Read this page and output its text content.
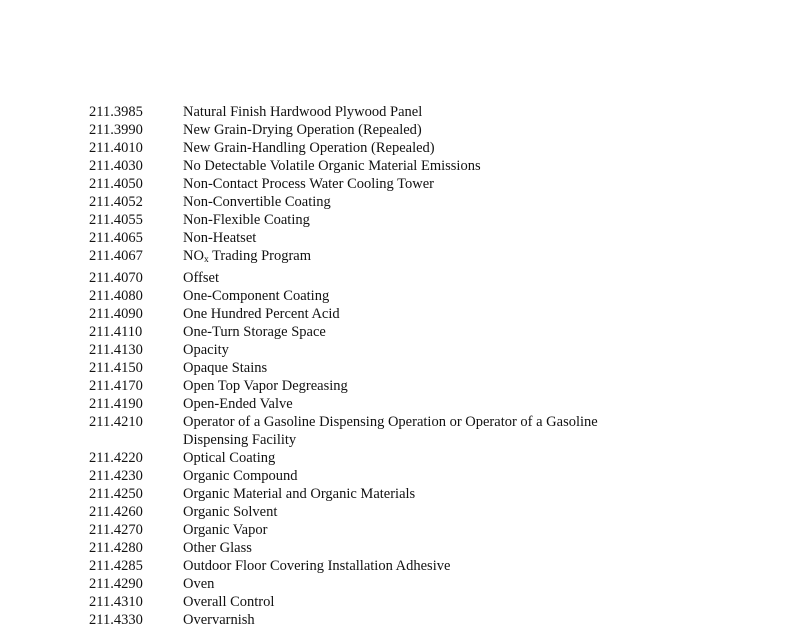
211.3985	Natural Finish Hardwood Plywood Panel
211.3990	New Grain-Drying Operation (Repealed)
211.4010	New Grain-Handling Operation (Repealed)
211.4030	No Detectable Volatile Organic Material Emissions
211.4050	Non-Contact Process Water Cooling Tower
211.4052	Non-Convertible Coating
211.4055	Non-Flexible Coating
211.4065	Non-Heatset
211.4067	$NO_x$ Trading Program
211.4070	Offset
211.4080	One-Component Coating
211.4090	One Hundred Percent Acid
211.4110	One-Turn Storage Space
211.4130	Opacity
211.4150	Opaque Stains
211.4170	Open Top Vapor Degreasing
211.4190	Open-Ended Valve
211.4210	Operator of a Gasoline Dispensing Operation or Operator of a Gasoline Dispensing Facility
211.4220	Optical Coating
211.4230	Organic Compound
211.4250	Organic Material and Organic Materials
211.4260	Organic Solvent
211.4270	Organic Vapor
211.4280	Other Glass
211.4285	Outdoor Floor Covering Installation Adhesive
211.4290	Oven
211.4310	Overall Control
211.4330	Overvarnish
